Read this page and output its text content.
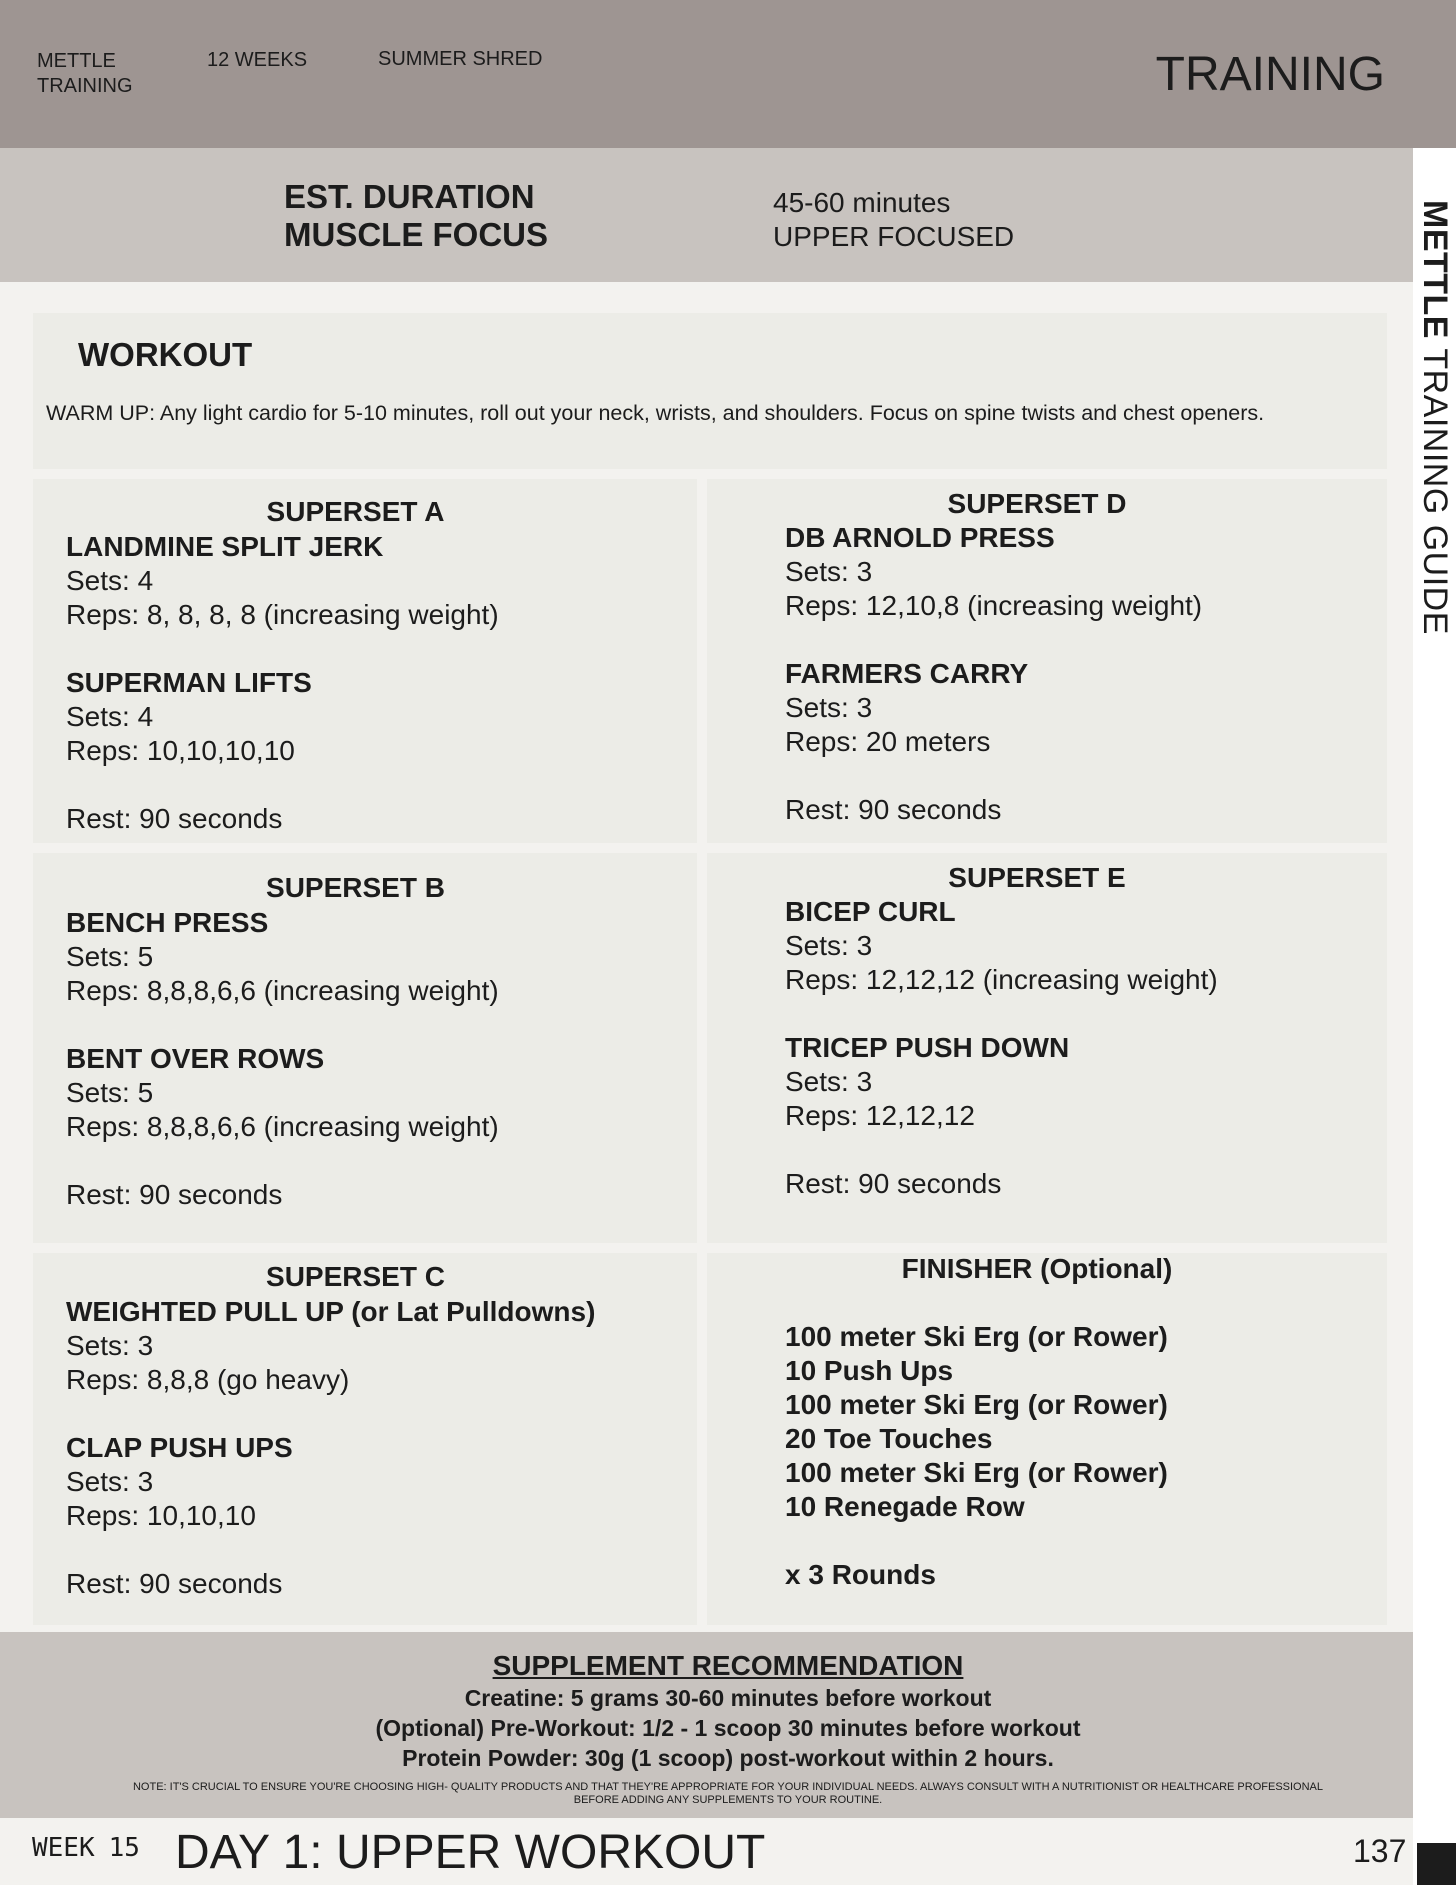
METTLE
TRAINING
12 WEEKS	SUMMER SHRED	TRAINING
EST. DURATION
MUSCLE FOCUS
45-60 minutes
UPPER FOCUSED	METTLE TRAINING GUIDE
WORKOUT
WARM UP: Any light cardio for 5-10 minutes, roll out your neck, wrists, and shoulders. Focus on spine twists and chest openers.
SUPERSET A
LANDMINE SPLIT JERK
Sets: 4
Reps: 8, 8, 8, 8 (increasing weight)
SUPERMAN LIFTS
Sets: 4
Reps: 10,10,10,10
Rest: 90 seconds
SUPERSET D
DB ARNOLD PRESS
Sets: 3
Reps: 12,10,8 (increasing weight)
FARMERS CARRY
Sets: 3
Reps: 20 meters
Rest: 90 seconds
SUPERSET B
BENCH PRESS
Sets: 5
Reps: 8,8,8,6,6 (increasing weight)
BENT OVER ROWS
Sets: 5
Reps: 8,8,8,6,6 (increasing weight)
Rest: 90 seconds
SUPERSET E
BICEP CURL
Sets: 3
Reps: 12,12,12 (increasing weight)
TRICEP PUSH DOWN
Sets: 3
Reps: 12,12,12
Rest: 90 seconds
SUPERSET C
WEIGHTED PULL UP (or Lat Pulldowns)
Sets: 3
Reps: 8,8,8 (go heavy)
CLAP PUSH UPS
Sets: 3
Reps: 10,10,10
Rest: 90 seconds
FINISHER (Optional)
100 meter Ski Erg (or Rower)
10 Push Ups
100 meter Ski Erg (or Rower)
20 Toe Touches
100 meter Ski Erg (or Rower)
10 Renegade Row
x 3 Rounds
SUPPLEMENT RECOMMENDATION
Creatine: 5 grams 30-60 minutes before workout
(Optional) Pre-Workout: 1/2 - 1 scoop 30 minutes before workout
Protein Powder: 30g (1 scoop) post-workout within 2 hours.
NOTE: IT'S CRUCIAL TO ENSURE YOU'RE CHOOSING HIGH- QUALITY PRODUCTS AND THAT THEY'RE APPROPRIATE FOR YOUR INDIVIDUAL NEEDS. ALWAYS CONSULT WITH A NUTRITIONIST OR HEALTHCARE PROFESSIONAL BEFORE ADDING ANY SUPPLEMENTS TO YOUR ROUTINE.
WEEK 15 DAY 1: UPPER WORKOUT	137
